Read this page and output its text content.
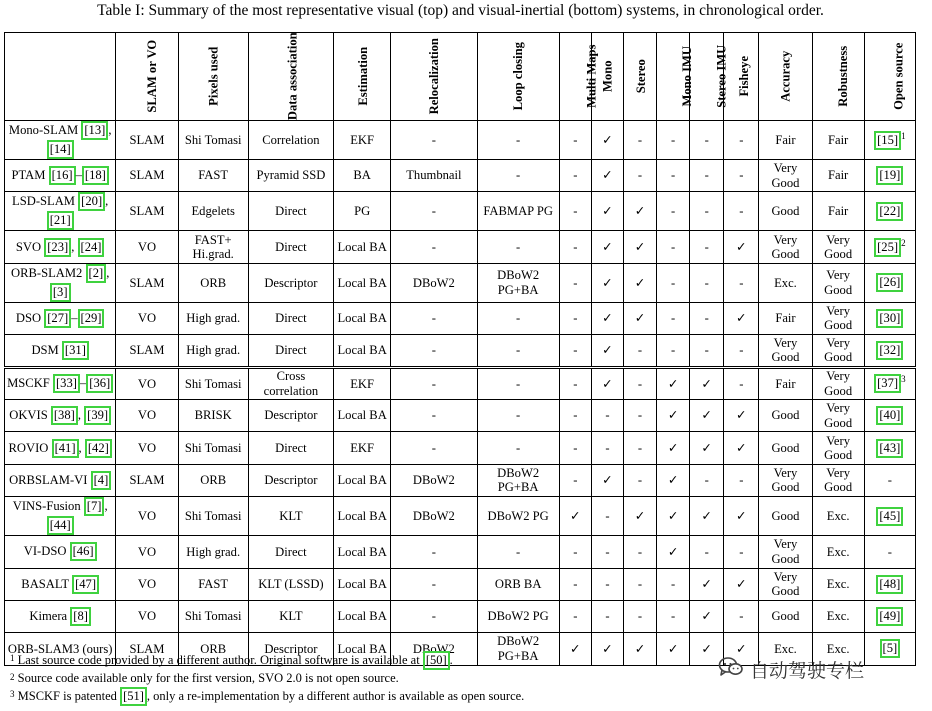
Table I: Summary of the most representative visual (top) and visual-inertial (bottom) systems, in chronological order.
	SLAM or VO	Pixels used	Data association	Estimation	Relocalization	Loop closing	Multi Maps	Mono	Stereo	Mono IMU	Stereo IMU	Fisheye	Accuracy	Robustness	Open source
Mono-SLAM [13] , [14]	SLAM	Shi Tomasi	Correlation	EKF	-	-	-	✓	-	-	-	-	Fair	Fair	[15] $^1$
PTAM [16] – [18]	SLAM	FAST	Pyramid SSD	BA	Thumbnail	-	-	✓	-	-	-	-	Very Good	Fair	[19]
LSD-SLAM [20] , [21]	SLAM	Edgelets	Direct	PG	-	FABMAP PG	-	✓	✓	-	-	-	Good	Fair	[22]
SVO [23] , [24]	VO	FAST+ Hi.grad.	Direct	Local BA	-	-	-	✓	✓	-	-	✓	Very Good	Very Good	[25] $^2$
ORB-SLAM2 [2] , [3]	SLAM	ORB	Descriptor	Local BA	DBoW2	DBoW2 PG+BA	-	✓	✓	-	-	-	Exc.	Very Good	[26]
DSO [27] – [29]	VO	High grad.	Direct	Local BA	-	-	-	✓	✓	-	-	✓	Fair	Very Good	[30]
DSM [31]	SLAM	High grad.	Direct	Local BA	-	-	-	✓	-	-	-	-	Very Good	Very Good	[32]
MSCKF [33] – [36]	VO	Shi Tomasi	Cross correlation	EKF	-	-	-	✓	-	✓	✓	-	Fair	Very Good	[37] $^3$
OKVIS [38] , [39]	VO	BRISK	Descriptor	Local BA	-	-	-	-	-	✓	✓	✓	Good	Very Good	[40]
ROVIO [41] , [42]	VO	Shi Tomasi	Direct	EKF	-	-	-	-	-	✓	✓	✓	Good	Very Good	[43]
ORBSLAM-VI [4]	SLAM	ORB	Descriptor	Local BA	DBoW2	DBoW2 PG+BA	-	✓	-	✓	-	-	Very Good	Very Good	-
VINS-Fusion [7] , [44]	VO	Shi Tomasi	KLT	Local BA	DBoW2	DBoW2 PG	✓	-	✓	✓	✓	✓	Good	Exc.	[45]
VI-DSO [46]	VO	High grad.	Direct	Local BA	-	-	-	-	-	✓	-	-	Very Good	Exc.	-
BASALT [47]	VO	FAST	KLT (LSSD)	Local BA	-	ORB BA	-	-	-	-	✓	✓	Very Good	Exc.	[48]
Kimera [8]	VO	Shi Tomasi	KLT	Local BA	-	DBoW2 PG	-	-	-	-	✓	-	Good	Exc.	[49]
ORB-SLAM3 (ours)	SLAM	ORB	Descriptor	Local BA	DBoW2	DBoW2 PG+BA	✓	✓	✓	✓	✓	✓	Exc.	Exc.	[5]
$^1$ Last source code provided by a different author. Original software is available at [50] .
$^2$ Source code available only for the first version, SVO 2.0 is not open source.
$^3$ MSCKF is patented [51] , only a re-implementation by a different author is available as open source.
自动驾驶专栏
